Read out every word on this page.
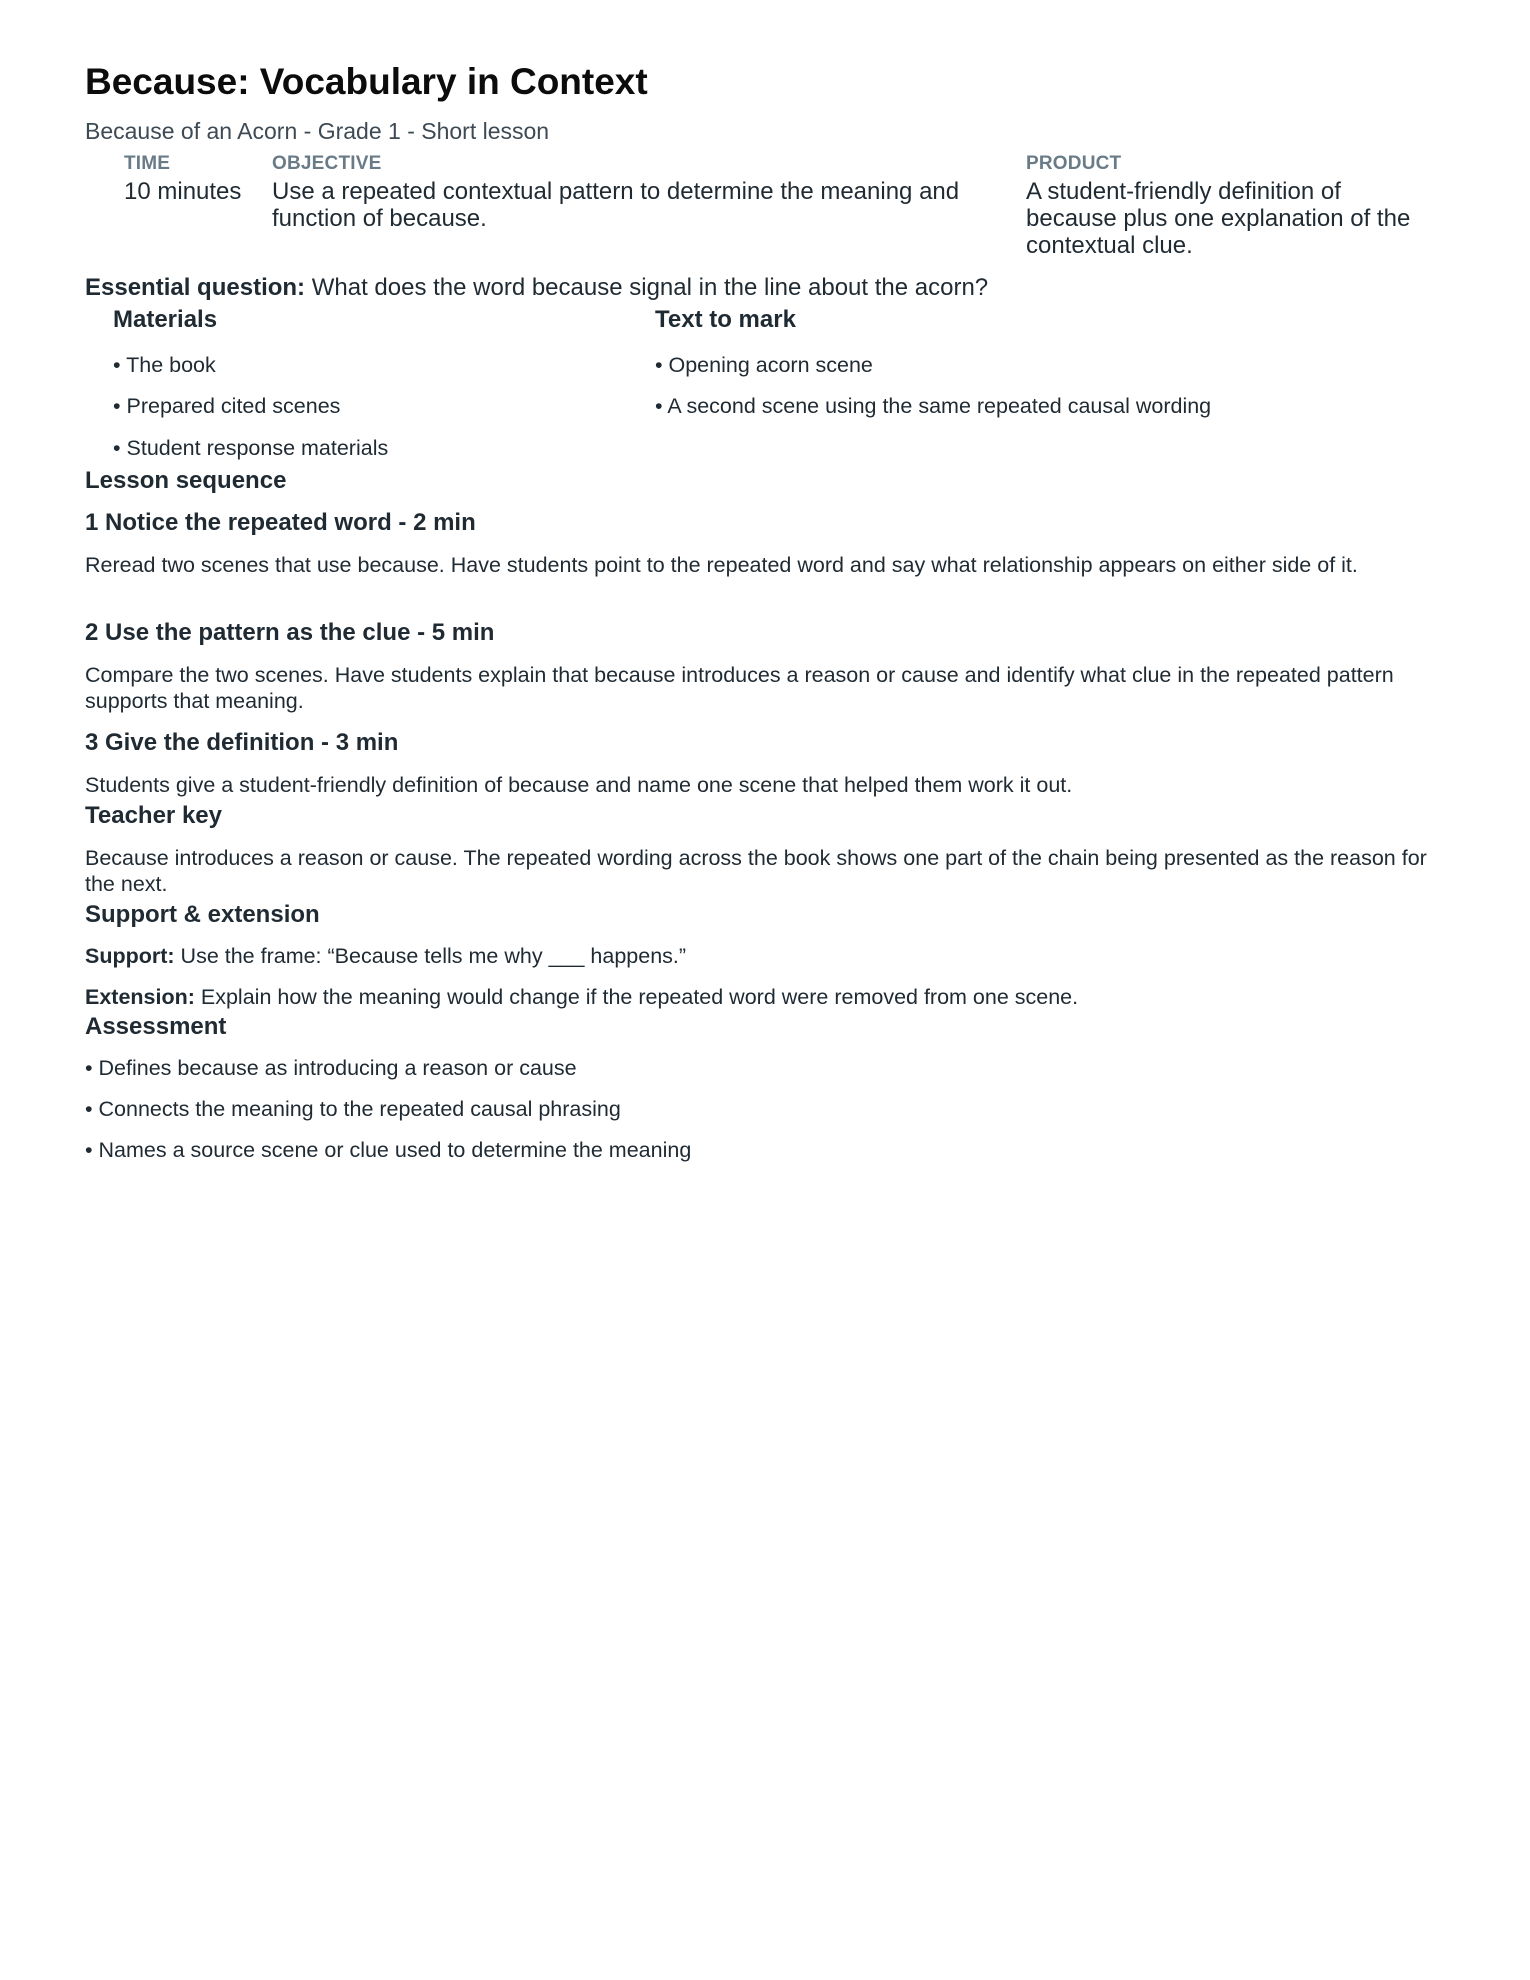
Because: Vocabulary in Context
Because of an Acorn - Grade 1 - Short lesson
TIME
10 minutes
OBJECTIVE
Use a repeated contextual pattern to determine the meaning and function of because.
PRODUCT
A student-friendly definition of because plus one explanation of the contextual clue.
Essential question: What does the word because signal in the line about the acorn?
Materials
• The book
• Prepared cited scenes
• Student response materials
Text to mark
• Opening acorn scene
• A second scene using the same repeated causal wording
Lesson sequence
1 Notice the repeated word - 2 min
Reread two scenes that use because. Have students point to the repeated word and say what relationship appears on either side of it.
2 Use the pattern as the clue - 5 min
Compare the two scenes. Have students explain that because introduces a reason or cause and identify what clue in the repeated pattern supports that meaning.
3 Give the definition - 3 min
Students give a student-friendly definition of because and name one scene that helped them work it out.
Teacher key
Because introduces a reason or cause. The repeated wording across the book shows one part of the chain being presented as the reason for the next.
Support & extension
Support: Use the frame: “Because tells me why ___ happens.”
Extension: Explain how the meaning would change if the repeated word were removed from one scene.
Assessment
• Defines because as introducing a reason or cause
• Connects the meaning to the repeated causal phrasing
• Names a source scene or clue used to determine the meaning
